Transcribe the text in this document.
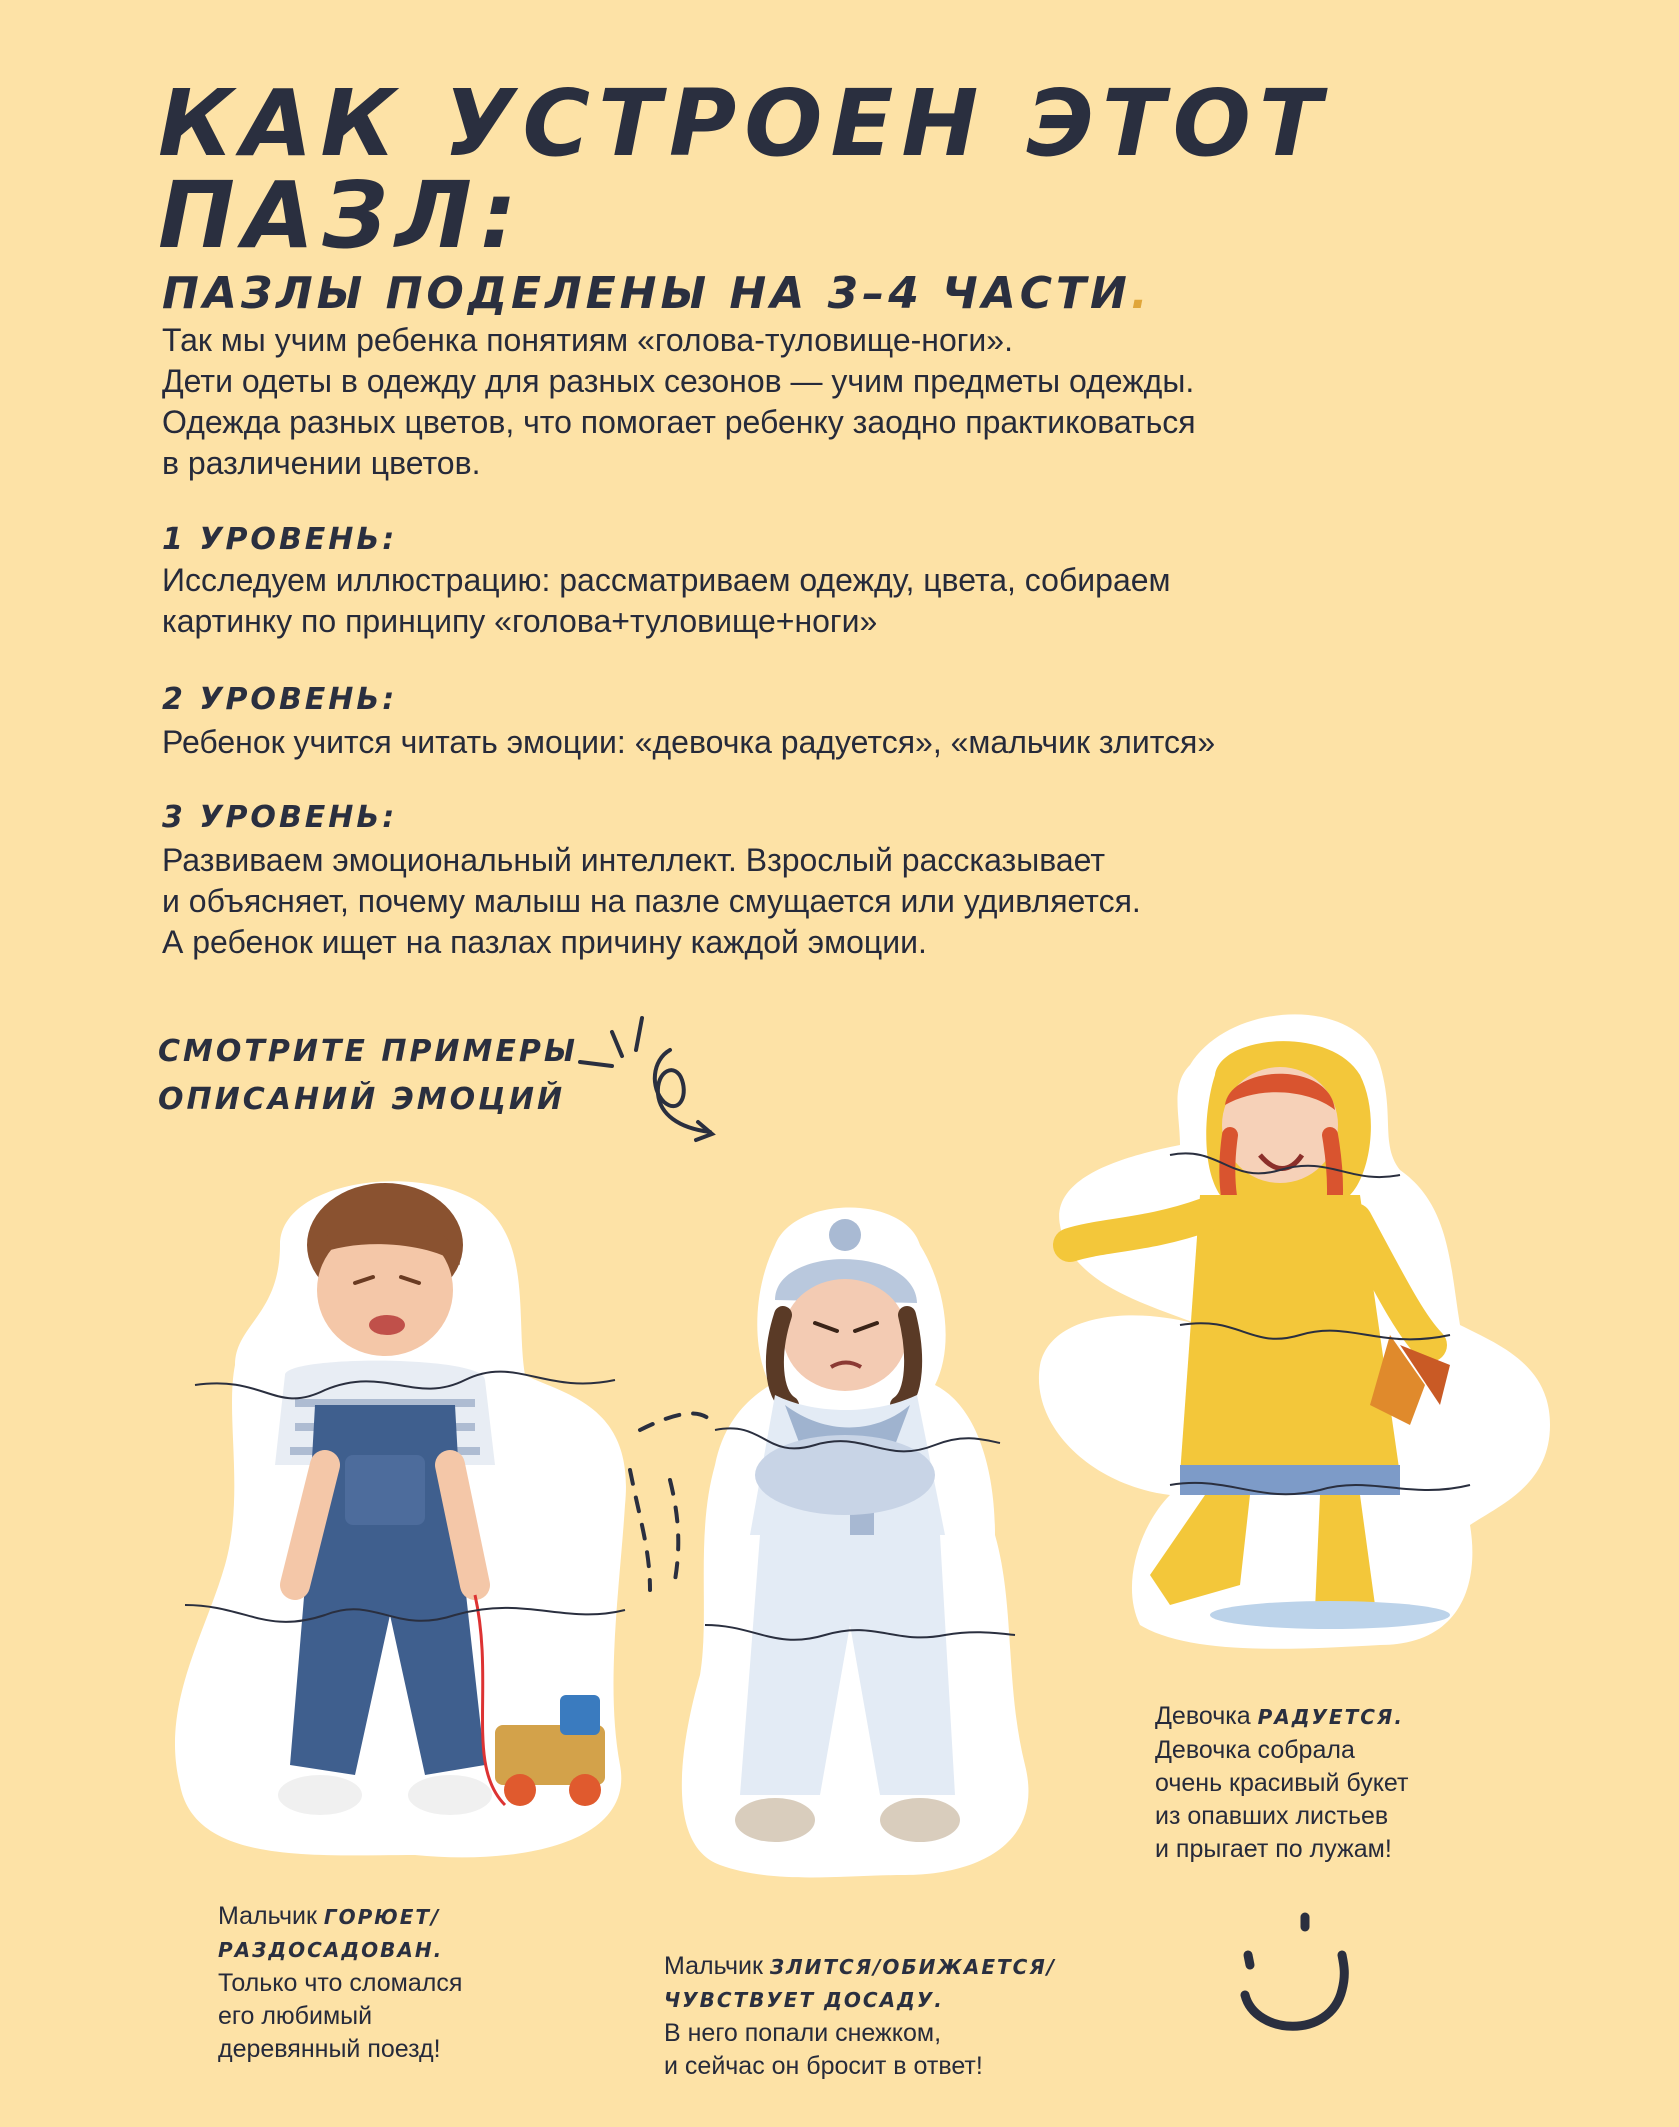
КАК УСТРОЕН ЭТОТ ПАЗЛ:
ПАЗЛЫ ПОДЕЛЕНЫ НА 3–4 ЧАСТИ.
Так мы учим ребенка понятиям «голова-туловище-ноги».
Дети одеты в одежду для разных сезонов — учим предметы одежды.
Одежда разных цветов, что помогает ребенку заодно практиковаться
в различении цветов.
1 УРОВЕНЬ:
Исследуем иллюстрацию: рассматриваем одежду, цвета, собираем
картинку по принципу «голова+туловище+ноги»
2 УРОВЕНЬ:
Ребенок учится читать эмоции: «девочка радуется», «мальчик злится»
3 УРОВЕНЬ:
Развиваем эмоциональный интеллект. Взрослый рассказывает
и объясняет, почему малыш на пазле смущается или удивляется.
А ребенок ищет на пазлах причину каждой эмоции.
СМОТРИТЕ ПРИМЕРЫ
ОПИСАНИЙ ЭМОЦИЙ
Мальчик ГОРЮЕТ/
РАЗДОСАДОВАН.
Только что сломался
его любимый
деревянный поезд!
Мальчик ЗЛИТСЯ/ОБИЖАЕТСЯ/
ЧУВСТВУЕТ ДОСАДУ.
В него попали снежком,
и сейчас он бросит в ответ!
Девочка РАДУЕТСЯ.
Девочка собрала
очень красивый букет
из опавших листьев
и прыгает по лужам!
